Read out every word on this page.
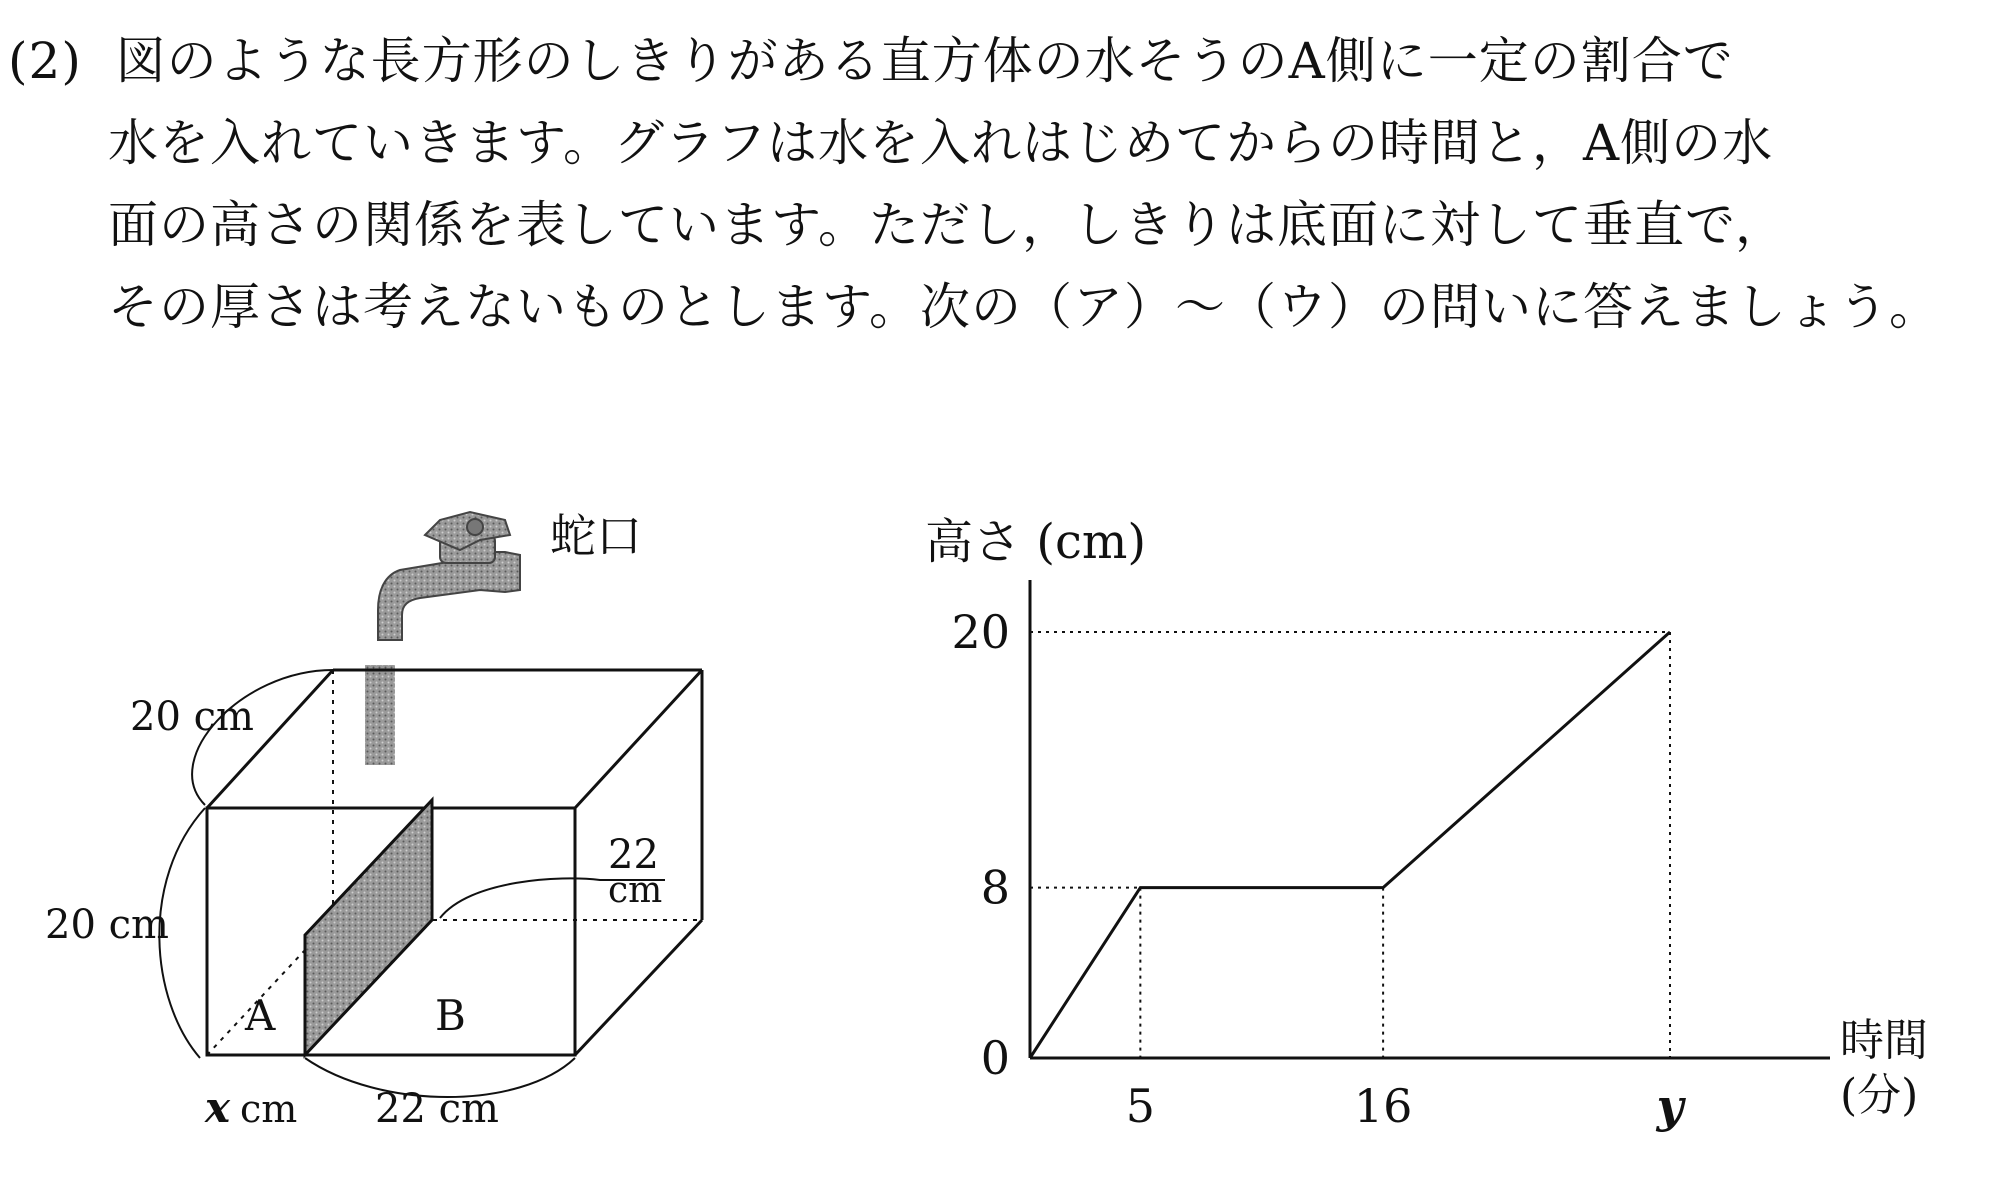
(2) 図のような長方形のしきりがある直方体の水そうのA側に一定の割合で
水を入れていきます。グラフは水を入れはじめてからの時間と，A側の水
面の高さの関係を表しています。ただし，しきりは底面に対して垂直で，
その厚さは考えないものとします。次の（ア）〜（ウ）の問いに答えましょう。
蛇口
20 cm
20 cm
22
cm
A	B
x cm 22 cm
0
8
20
5	16	y
高さ (cm)
時間
(分)
